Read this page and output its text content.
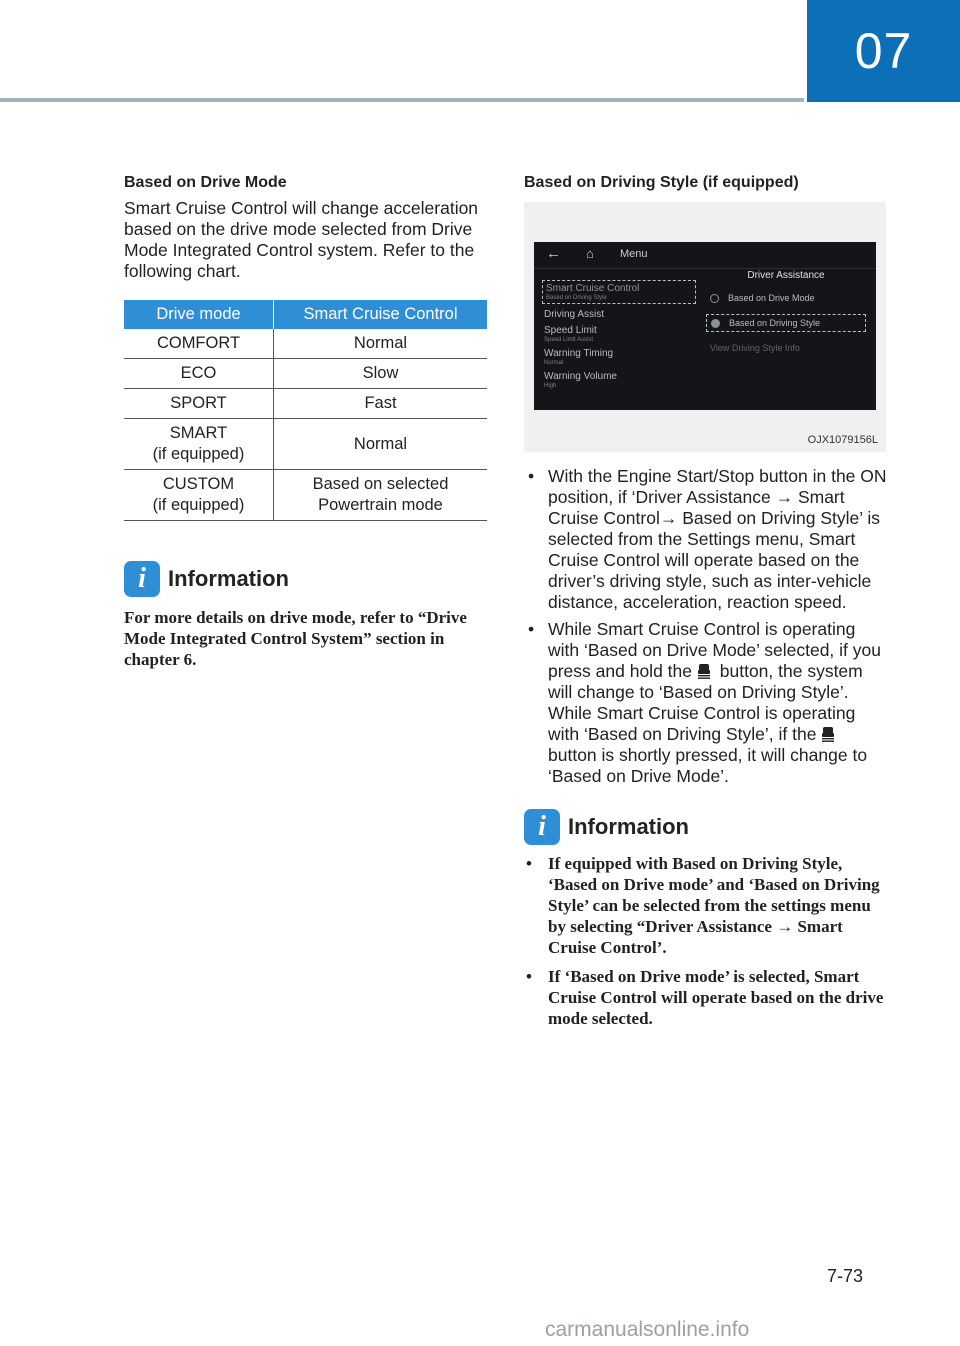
07
Based on Drive Mode

Smart Cruise Control will change acceleration based on the drive mode selected from Drive Mode Integrated Control system. Refer to the following chart.

Drive mode	Smart Cruise Control
COMFORT	Normal
ECO	Slow
SPORT	Fast
SMART
(if equipped)	Normal
CUSTOM
(if equipped)	Based on selected
Powertrain mode
i	Information
For more details on drive mode, refer to “Drive Mode Integrated Control System” section in chapter 6.
Based on Driving Style (if equipped)
← ⌂ Menu
Smart Cruise Control
Based on Driving Style
Driving Assist
Speed Limit
Speed Limit Assist
Warning Timing
Normal
Warning Volume
High
Driver Assistance
Based on Drive Mode
Based on Driving Style
View Driving Style Info
OJX1079156L
• With the Engine Start/Stop button in the ON position, if ‘Driver Assistance → Smart Cruise Control→ Based on Driving Style’ is selected from the Settings menu, Smart Cruise Control will operate based on the driver’s driving style, such as inter-vehicle distance, acceleration, reaction speed.
• While Smart Cruise Control is operating with ‘Based on Drive Mode’ selected, if you press and hold the button, the system will change to ‘Based on Driving Style’. While Smart Cruise Control is operating with ‘Based on Driving Style’, if the  button is shortly pressed, it will change to ‘Based on Drive Mode’.
i	Information
• If equipped with Based on Driving Style, ‘Based on Drive mode’ and ‘Based on Driving Style’ can be selected from the settings menu by selecting “Driver Assistance → Smart Cruise Control’.
• If ‘Based on Drive mode’ is selected, Smart Cruise Control will operate based on the drive mode selected.
7-73
carmanualsonline.info
